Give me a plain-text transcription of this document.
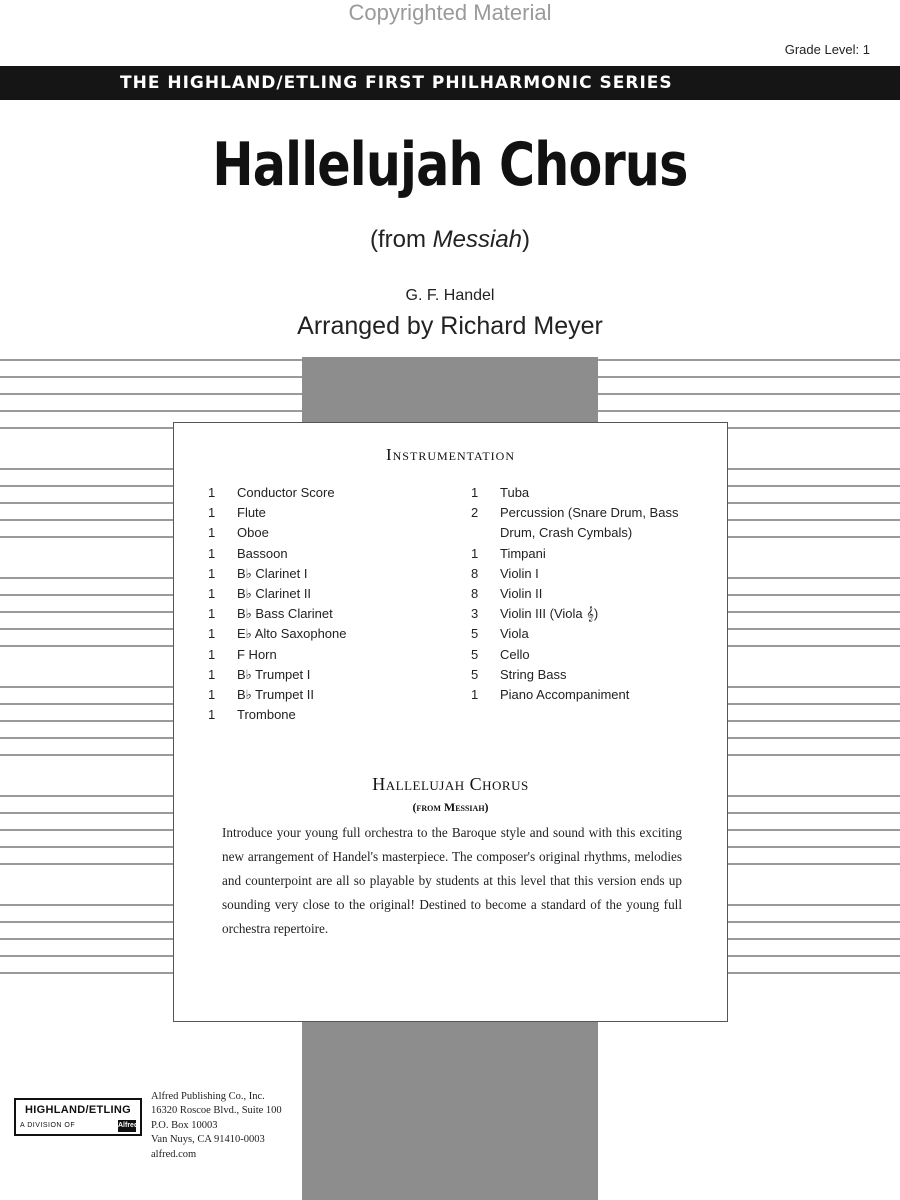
Copyrighted Material
Grade Level: 1
THE HIGHLAND/ETLING FIRST PHILHARMONIC SERIES
Hallelujah Chorus
(from Messiah)
G. F. Handel
Arranged by Richard Meyer
Instrumentation
1	Conductor Score
1	Flute
1	Oboe
1	Bassoon
1	B♭ Clarinet I
1	B♭ Clarinet II
1	B♭ Bass Clarinet
1	E♭ Alto Saxophone
1	F Horn
1	B♭ Trumpet I
1	B♭ Trumpet II
1	Trombone
1	Tuba
2	Percussion (Snare Drum, Bass Drum, Crash Cymbals)
1	Timpani
8	Violin I
8	Violin II
3	Violin III (Viola 𝄞)
5	Viola
5	Cello
5	String Bass
1	Piano Accompaniment
Hallelujah Chorus
(from Messiah)
Introduce your young full orchestra to the Baroque style and sound with this exciting new arrangement of Handel's masterpiece. The composer's original rhythms, melodies and counterpoint are all so playable by students at this level that this version ends up sounding very close to the original! Destined to become a standard of the young full orchestra repertoire.
HIGHLAND/ETLING
A DIVISION OF	Alfred
Alfred Publishing Co., Inc.
16320 Roscoe Blvd., Suite 100
P.O. Box 10003
Van Nuys, CA 91410-0003
alfred.com
